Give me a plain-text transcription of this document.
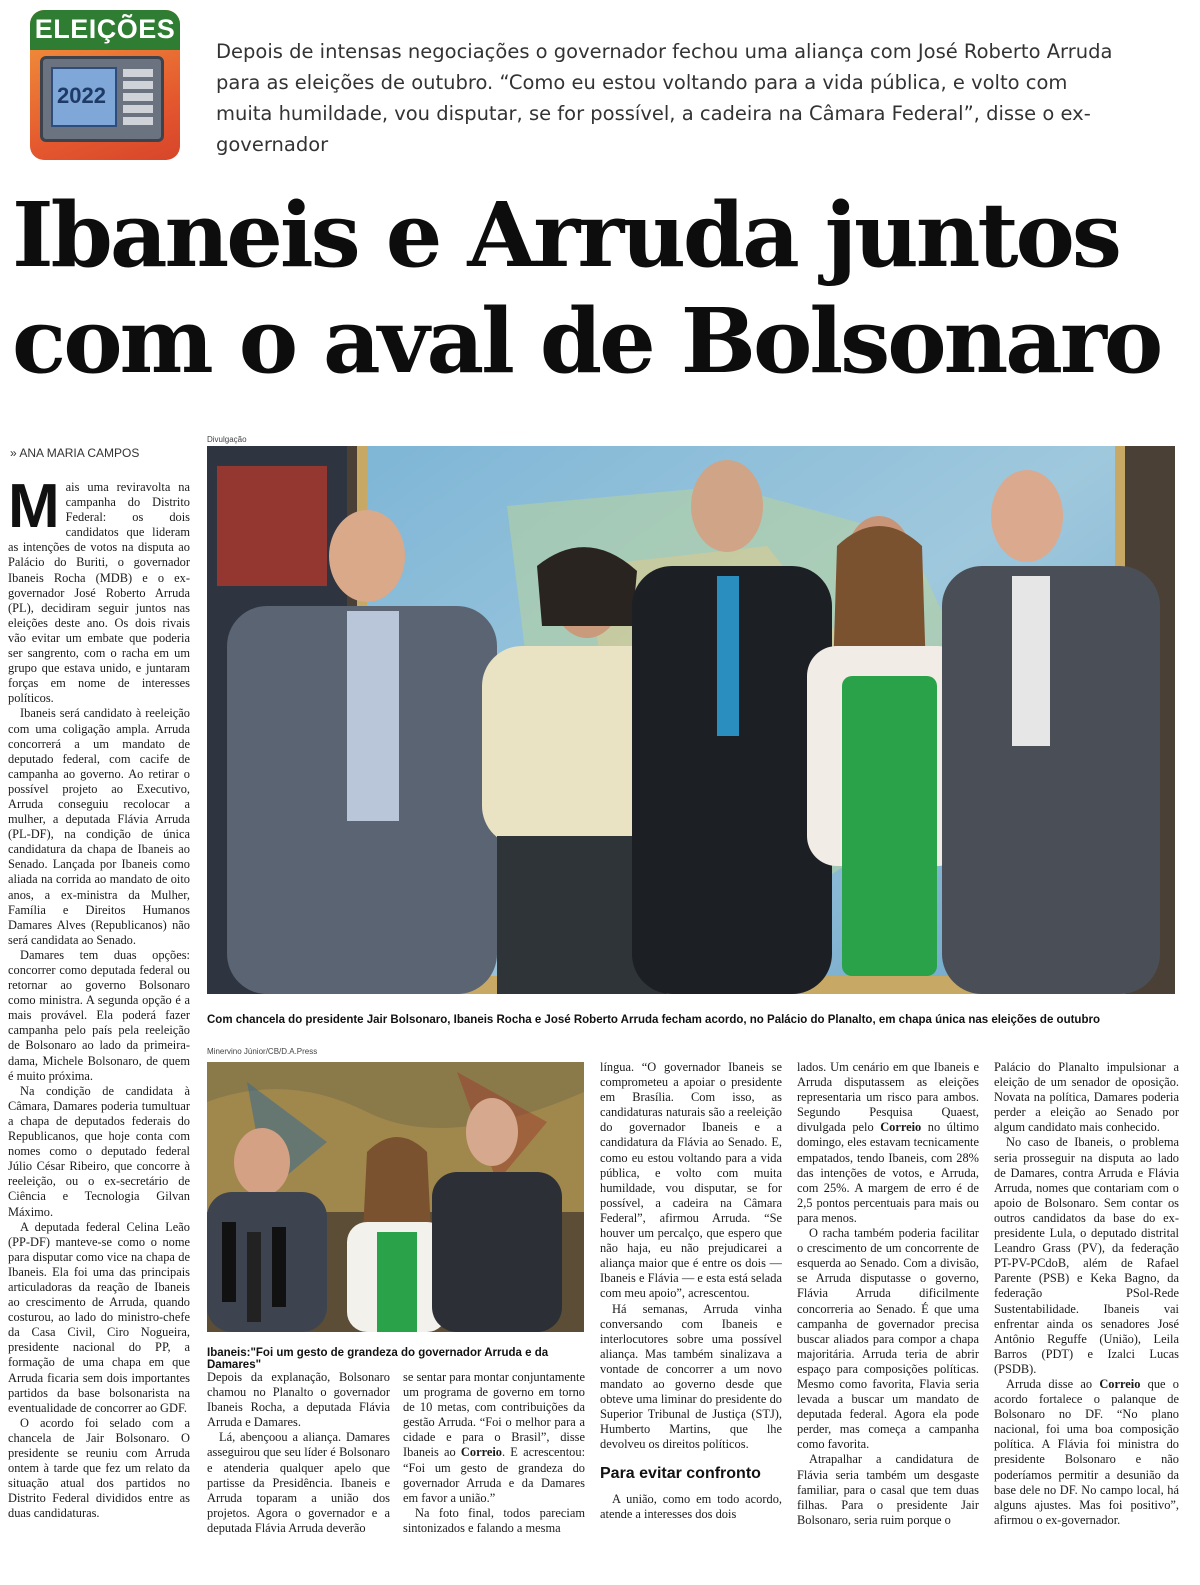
ELEIÇÕES
2022
Depois de intensas negociações o governador fechou uma aliança com José Roberto Arruda para as eleições de outubro. “Como eu estou voltando para a vida pública, e volto com muita humildade, vou disputar, se for possível, a cadeira na Câmara Federal”, disse o ex-governador
Ibaneis e Arruda juntos
com o aval de Bolsonaro
» ANA MARIA CAMPOS
Divulgação
Com chancela do presidente Jair Bolsonaro, Ibaneis Rocha e José Roberto Arruda fecham acordo, no Palácio do Planalto, em chapa única nas eleições de outubro
Minervino Júnior/CB/D.A.Press
Ibaneis:"Foi um gesto de grandeza do governador Arruda e da Damares"

Mais uma reviravolta na campanha do Distrito Federal: os dois candidatos que lideram as intenções de votos na disputa ao Palácio do Buriti, o governador Ibaneis Rocha (MDB) e o ex-governador José Roberto Arruda (PL), decidiram seguir juntos nas eleições deste ano. Os dois rivais vão evitar um embate que poderia ser sangrento, com o racha em um grupo que estava unido, e juntaram forças em nome de interesses políticos.

Ibaneis será candidato à reeleição com uma coligação ampla. Arruda concorrerá a um mandato de deputado federal, com cacife de campanha ao governo. Ao retirar o possível projeto ao Executivo, Arruda conseguiu recolocar a mulher, a deputada Flávia Arruda (PL-DF), na condição de única candidatura da chapa de Ibaneis ao Senado. Lançada por Ibaneis como aliada na corrida ao mandato de oito anos, a ex-ministra da Mulher, Família e Direitos Humanos Damares Alves (Republicanos) não será candidata ao Senado.

Damares tem duas opções: concorrer como deputada federal ou retornar ao governo Bolsonaro como ministra. A segunda opção é a mais provável. Ela poderá fazer campanha pelo país pela reeleição de Bolsonaro ao lado da primeira-dama, Michele Bolsonaro, de quem é muito próxima.

Na condição de candidata à Câmara, Damares poderia tumultuar a chapa de deputados federais do Republicanos, que hoje conta com nomes como o deputado federal Júlio César Ribeiro, que concorre à reeleição, ou o ex-secretário de Ciência e Tecnologia Gilvan Máximo.

A deputada federal Celina Leão (PP-DF) manteve-se como o nome para disputar como vice na chapa de Ibaneis. Ela foi uma das principais articuladoras da reação de Ibaneis ao crescimento de Arruda, quando costurou, ao lado do ministro-chefe da Casa Civil, Ciro Nogueira, presidente nacional do PP, a formação de uma chapa em que Arruda ficaria sem dois importantes partidos da base bolsonarista na eventualidade de concorrer ao GDF.

O acordo foi selado com a chancela de Jair Bolsonaro. O presidente se reuniu com Arruda ontem à tarde que fez um relato da situação atual dos partidos no Distrito Federal divididos entre as duas candidaturas.

Depois da explanação, Bolsonaro chamou no Planalto o governador Ibaneis Rocha, a deputada Flávia Arruda e Damares.

Lá, abençoou a aliança. Damares asseguirou que seu líder é Bolsonaro e atenderia qualquer apelo que partisse da Presidência. Ibaneis e Arruda toparam a união dos projetos. Agora o governador e a deputada Flávia Arruda deverão

se sentar para montar conjuntamente um programa de governo em torno de 10 metas, com contribuições da gestão Arruda. “Foi o melhor para a cidade e para o Brasil”, disse Ibaneis ao Correio. E acrescentou: “Foi um gesto de grandeza do governador Arruda e da Damares em favor a união.”

Na foto final, todos pareciam sintonizados e falando a mesma

língua. “O governador Ibaneis se comprometeu a apoiar o presidente em Brasília. Com isso, as candidaturas naturais são a reeleição do governador Ibaneis e a candidatura da Flávia ao Senado. E, como eu estou voltando para a vida pública, e volto com muita humildade, vou disputar, se for possível, a cadeira na Câmara Federal”, afirmou Arruda. “Se houver um percalço, que espero que não haja, eu não prejudicarei a aliança maior que é entre os dois — Ibaneis e Flávia — e esta está selada com meu apoio”, acrescentou.

Há semanas, Arruda vinha conversando com Ibaneis e interlocutores sobre uma possível aliança. Mas também sinalizava a vontade de concorrer a um novo mandato ao governo desde que obteve uma liminar do presidente do Superior Tribunal de Justiça (STJ), Humberto Martins, que lhe devolveu os direitos políticos.

Para evitar confronto

A união, como em todo acordo, atende a interesses dos dois

lados. Um cenário em que Ibaneis e Arruda disputassem as eleições representaria um risco para ambos. Segundo Pesquisa Quaest, divulgada pelo Correio no último domingo, eles estavam tecnicamente empatados, tendo Ibaneis, com 28% das intenções de votos, e Arruda, com 25%. A margem de erro é de 2,5 pontos percentuais para mais ou para menos.

O racha também poderia facilitar o crescimento de um concorrente de esquerda ao Senado. Com a divisão, se Arruda disputasse o governo, Flávia Arruda dificilmente concorreria ao Senado. É que uma campanha de governador precisa buscar aliados para compor a chapa majoritária. Arruda teria de abrir espaço para composições políticas. Mesmo como favorita, Flavia seria levada a buscar um mandato de deputada federal. Agora ela pode perder, mas começa a campanha como favorita.

Atrapalhar a candidatura de Flávia seria também um desgaste familiar, para o casal que tem duas filhas. Para o presidente Jair Bolsonaro, seria ruim porque o

Palácio do Planalto impulsionar a eleição de um senador de oposição. Novata na política, Damares poderia perder a eleição ao Senado por algum candidato mais conhecido.

No caso de Ibaneis, o problema seria prosseguir na disputa ao lado de Damares, contra Arruda e Flávia Arruda, nomes que contariam com o apoio de Bolsonaro. Sem contar os outros candidatos da base do ex-presidente Lula, o deputado distrital Leandro Grass (PV), da federação PT-PV-PCdoB, além de Rafael Parente (PSB) e Keka Bagno, da federação PSol-Rede Sustentabilidade. Ibaneis vai enfrentar ainda os senadores José Antônio Reguffe (União), Leila Barros (PDT) e Izalci Lucas (PSDB).

Arruda disse ao Correio que o acordo fortalece o palanque de Bolsonaro no DF. “No plano nacional, foi uma boa composição política. A Flávia foi ministra do presidente Bolsonaro e não poderíamos permitir a desunião da base dele no DF. No campo local, há alguns ajustes. Mas foi positivo”, afirmou o ex-governador.
